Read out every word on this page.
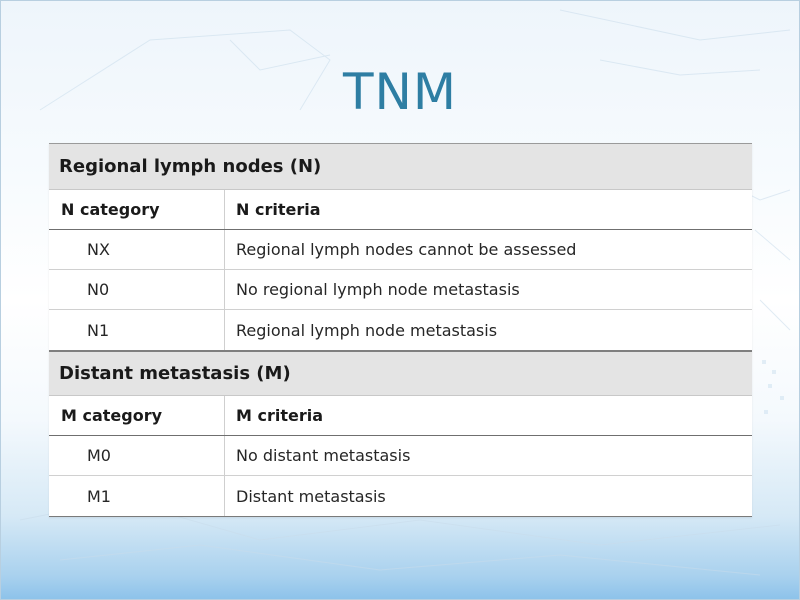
TNM
Regional lymph nodes (N)
N category	N criteria
NX	Regional lymph nodes cannot be assessed
N0	No regional lymph node metastasis
N1	Regional lymph node metastasis
Distant metastasis (M)
M category	M criteria
M0	No distant metastasis
M1	Distant metastasis
